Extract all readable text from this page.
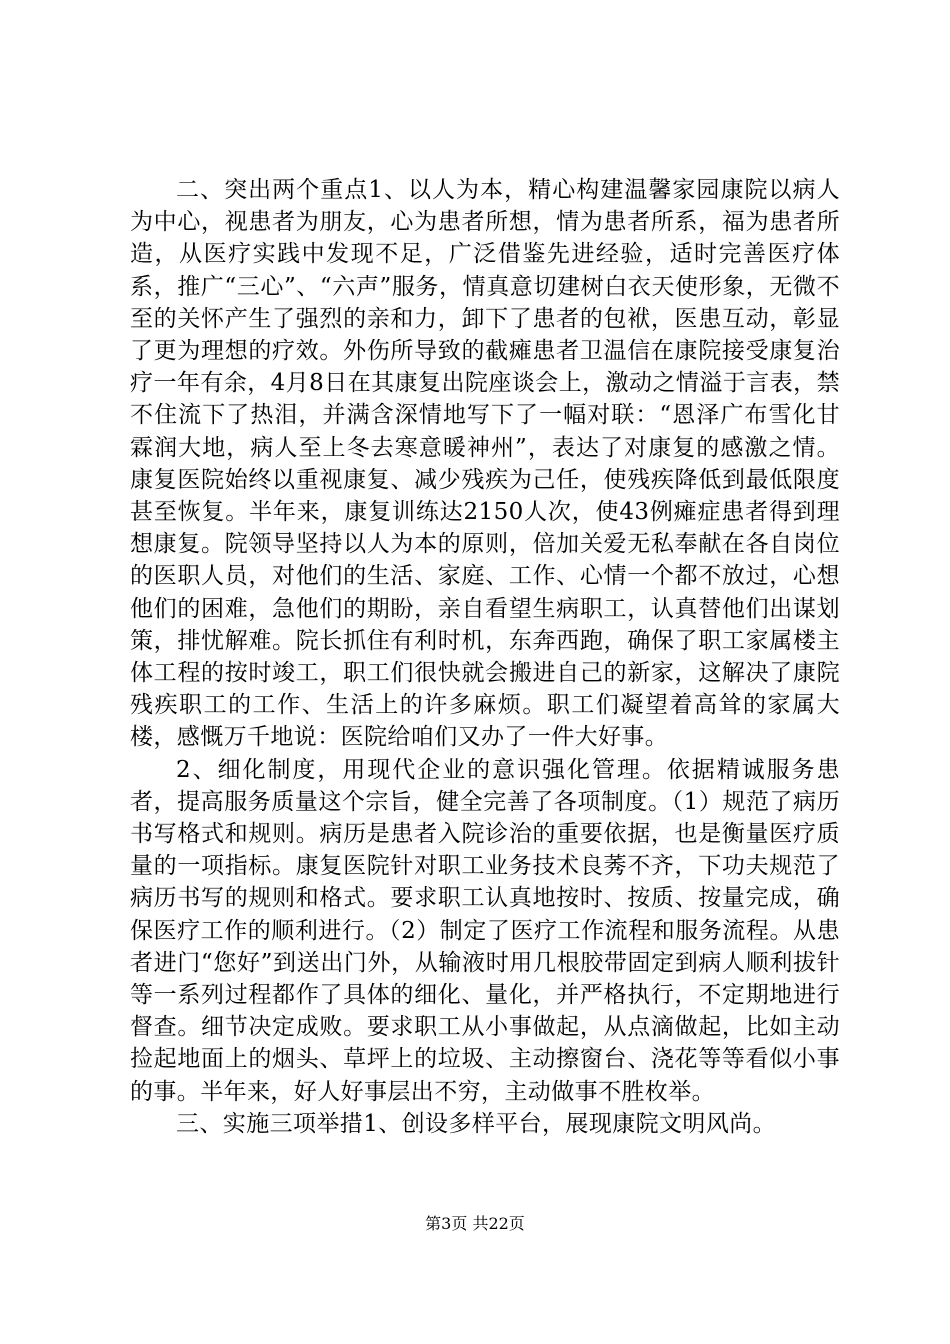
二、突出两个重点1、以人为本，精心构建温馨家园康院以病人为中心，视患者为朋友，心为患者所想，情为患者所系，福为患者所造，从医疗实践中发现不足，广泛借鉴先进经验，适时完善医疗体系，推广“三心”、“六声”服务，情真意切建树白衣天使形象，无微不至的关怀产生了强烈的亲和力，卸下了患者的包袱，医患互动，彰显了更为理想的疗效。外伤所导致的截瘫患者卫温信在康院接受康复治疗一年有余，4月8日在其康复出院座谈会上，激动之情溢于言表，禁不住流下了热泪，并满含深情地写下了一幅对联：“恩泽广布雪化甘霖润大地，病人至上冬去寒意暖神州”，表达了对康复的感激之情。康复医院始终以重视康复、减少残疾为己任，使残疾降低到最低限度甚至恢复。半年来，康复训练达2150人次，使43例瘫症患者得到理想康复。院领导坚持以人为本的原则，倍加关爱无私奉献在各自岗位的医职人员，对他们的生活、家庭、工作、心情一个都不放过，心想他们的困难，急他们的期盼，亲自看望生病职工，认真替他们出谋划策，排忧解难。院长抓住有利时机，东奔西跑，确保了职工家属楼主体工程的按时竣工，职工们很快就会搬进自己的新家，这解决了康院残疾职工的工作、生活上的许多麻烦。职工们凝望着高耸的家属大楼，感慨万千地说：医院给咱们又办了一件大好事。

2、细化制度，用现代企业的意识强化管理。依据精诚服务患者，提高服务质量这个宗旨，健全完善了各项制度。（1）规范了病历书写格式和规则。病历是患者入院诊治的重要依据，也是衡量医疗质量的一项指标。康复医院针对职工业务技术良莠不齐，下功夫规范了病历书写的规则和格式。要求职工认真地按时、按质、按量完成，确保医疗工作的顺利进行。（2）制定了医疗工作流程和服务流程。从患者进门“您好”到送出门外，从输液时用几根胶带固定到病人顺利拔针等一系列过程都作了具体的细化、量化，并严格执行，不定期地进行督查。细节决定成败。要求职工从小事做起，从点滴做起，比如主动捡起地面上的烟头、草坪上的垃圾、主动擦窗台、浇花等等看似小事的事。半年来，好人好事层出不穷，主动做事不胜枚举。

三、实施三项举措1、创设多样平台，展现康院文明风尚。

第3页 共22页
